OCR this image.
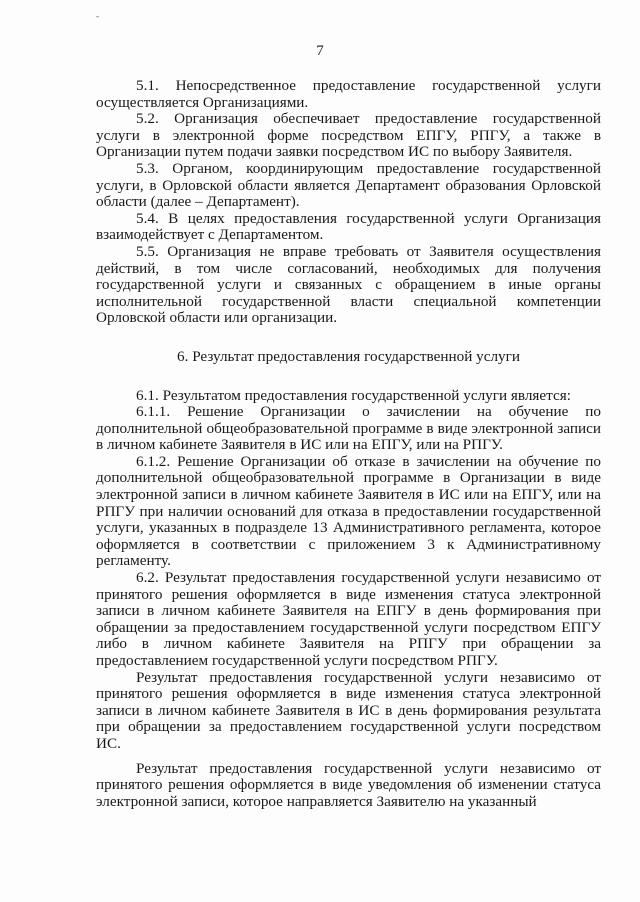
-
7

5.1. Непосредственное предоставление государственной услуги осуществляется Организациями.

5.2. Организация обеспечивает предоставление государственной услуги в электронной форме посредством ЕПГУ, РПГУ, а также в Организации путем подачи заявки посредством ИС по выбору Заявителя.

5.3. Органом, координирующим предоставление государственной услуги, в Орловской области является Департамент образования Орловской области (далее – Департамент).

5.4. В целях предоставления государственной услуги Организация взаимодействует с Департаментом.

5.5. Организация не вправе требовать от Заявителя осуществления действий, в том числе согласований, необходимых для получения государственной услуги и связанных с обращением в иные органы исполнительной государственной власти специальной компетенции Орловской области или организации.

6. Результат предоставления государственной услуги

6.1. Результатом предоставления государственной услуги является:

6.1.1. Решение Организации о зачислении на обучение по дополнительной общеобразовательной программе в виде электронной записи в личном кабинете Заявителя в ИС или на ЕПГУ, или на РПГУ.

6.1.2. Решение Организации об отказе в зачислении на обучение по дополнительной общеобразовательной программе в Организации в виде электронной записи в личном кабинете Заявителя в ИС или на ЕПГУ, или на РПГУ при наличии оснований для отказа в предоставлении государственной услуги, указанных в подразделе 13 Административного регламента, которое оформляется в соответствии с приложением 3 к Административному регламенту.

6.2. Результат предоставления государственной услуги независимо от принятого решения оформляется в виде изменения статуса электронной записи в личном кабинете Заявителя на ЕПГУ в день формирования при обращении за предоставлением государственной услуги посредством ЕПГУ либо в личном кабинете Заявителя на РПГУ при обращении за предоставлением государственной услуги посредством РПГУ.

Результат предоставления государственной услуги независимо от принятого решения оформляется в виде изменения статуса электронной записи в личном кабинете Заявителя в ИС в день формирования результата при обращении за предоставлением государственной услуги посредством ИС.

Результат предоставления государственной услуги независимо от принятого решения оформляется в виде уведомления об изменении статуса электронной записи, которое направляется Заявителю на указанный
